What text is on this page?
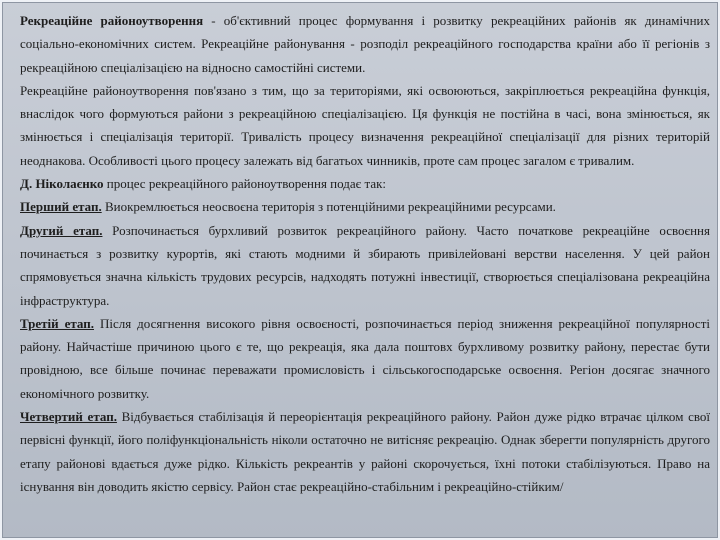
Рекреаційне районоутворення - об'єктивний процес формування і розвитку рекреаційних районів як динамічних соціально-економічних систем. Рекреаційне районування - розподіл рекреаційного господарства країни або її регіонів з рекреаційною спеціалізацією на відносно самостійні системи.

Рекреаційне районоутворення пов'язано з тим, що за територіями, які освоюються, закріплюється рекреаційна функція, внаслідок чого формуються райони з рекреаційною спеціалізацією. Ця функція не постійна в часі, вона змінюється, як змінюється і спеціалізація території. Тривалість процесу визначення рекреаційної спеціалізації для різних територій неоднакова. Особливості цього процесу залежать від багатьох чинників, проте сам процес загалом є тривалим.

Д. Ніколаєнко процес рекреаційного районоутворення подає так:

Перший етап. Виокремлюється неосвоєна територія з потенційними рекреаційними ресурсами.

Другий етап. Розпочинається бурхливий розвиток рекреаційного району. Часто початкове рекреаційне освоєння починається з розвитку курортів, які стають модними й збирають привілейовані верстви населення. У цей район спрямовується значна кількість трудових ресурсів, надходять потужні інвестиції, створюється спеціалізована рекреаційна інфраструктура.

Третій етап. Після досягнення високого рівня освоєності, розпочинається період зниження рекреаційної популярності району. Найчастіше причиною цього є те, що рекреація, яка дала поштовх бурхливому розвитку району, перестає бути провідною, все більше починає переважати промисловість і сільськогосподарське освоєння. Регіон досягає значного економічного розвитку.

Четвертий етап. Відбувається стабілізація й переорієнтація рекреаційного району. Район дуже рідко втрачає цілком свої первісні функції, його поліфункціональність ніколи остаточно не витісняє рекреацію. Однак зберегти популярність другого етапу районові вдається дуже рідко. Кількість рекреантів у районі скорочується, їхні потоки стабілізуються. Право на існування він доводить якістю сервісу. Район стає рекреаційно-стабільним і рекреаційно-стійким/
